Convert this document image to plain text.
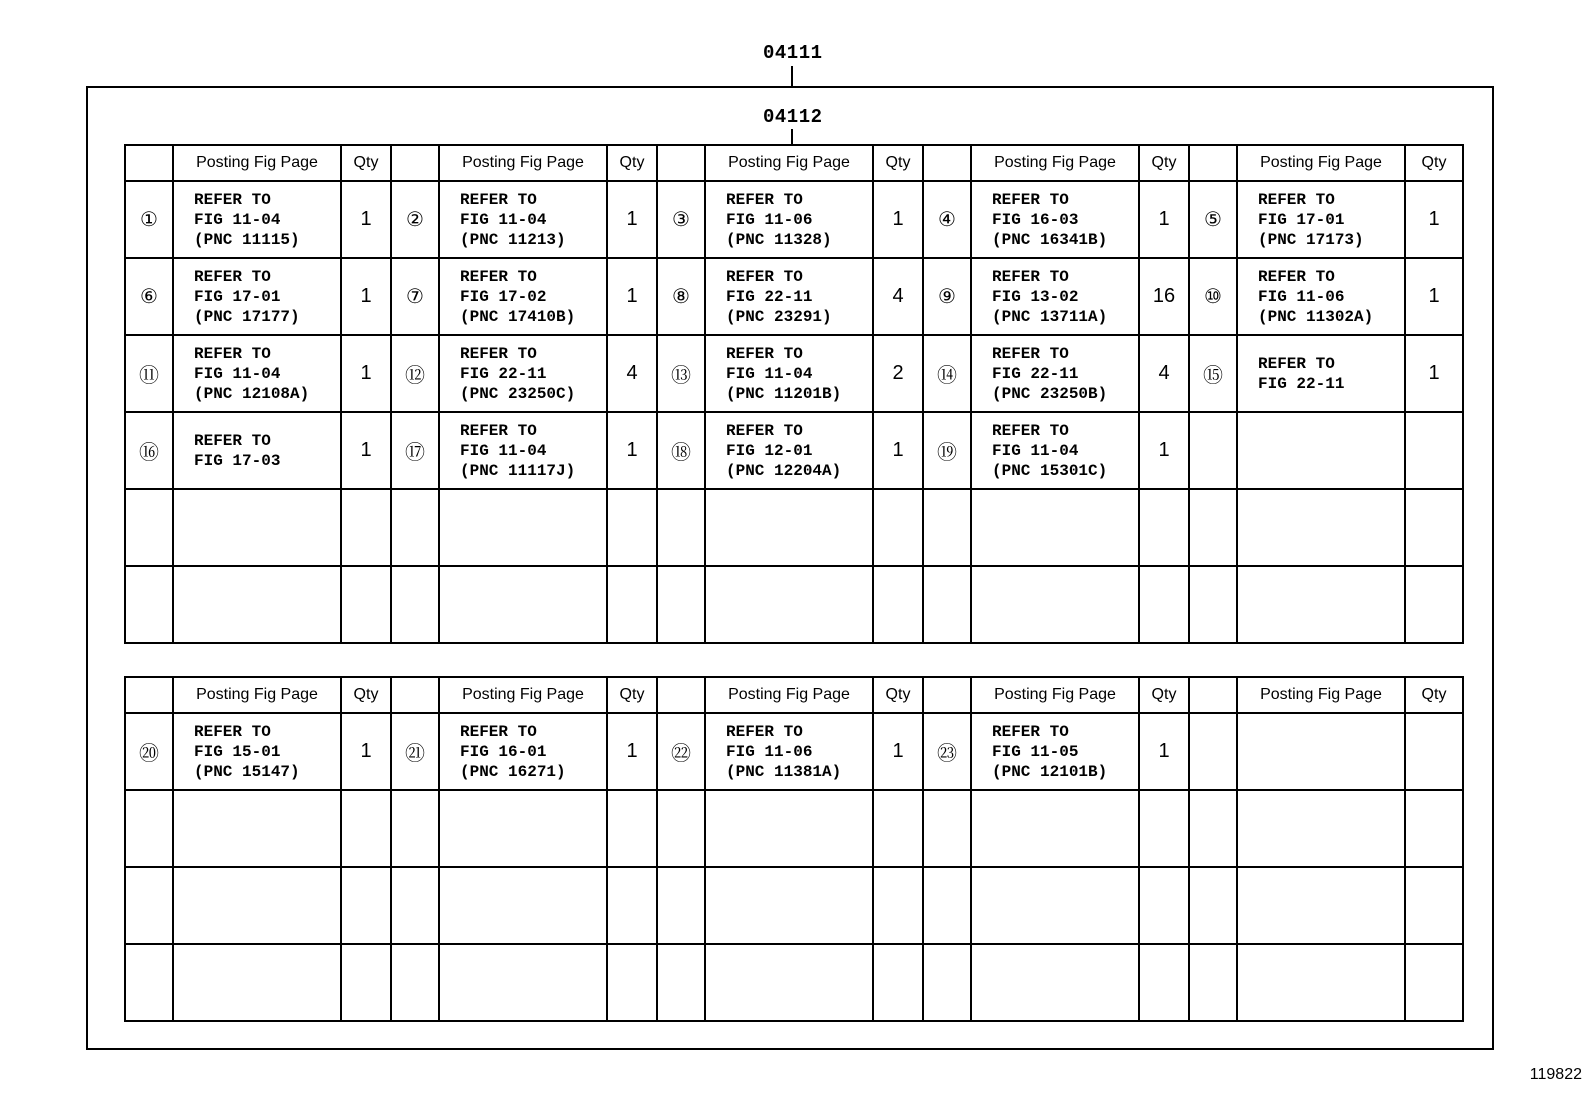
04111
04112
	Posting Fig Page	Qty		Posting Fig Page	Qty		Posting Fig Page	Qty		Posting Fig Page	Qty		Posting Fig Page	Qty
①	REFER TO
FIG 11-04
(PNC 11115)	1	②	REFER TO
FIG 11-04
(PNC 11213)	1	③	REFER TO
FIG 11-06
(PNC 11328)	1	④	REFER TO
FIG 16-03
(PNC 16341B)	1	⑤	REFER TO
FIG 17-01
(PNC 17173)	1
⑥	REFER TO
FIG 17-01
(PNC 17177)	1	⑦	REFER TO
FIG 17-02
(PNC 17410B)	1	⑧	REFER TO
FIG 22-11
(PNC 23291)	4	⑨	REFER TO
FIG 13-02
(PNC 13711A)	16	⑩	REFER TO
FIG 11-06
(PNC 11302A)	1
⑪	REFER TO
FIG 11-04
(PNC 12108A)	1	⑫	REFER TO
FIG 22-11
(PNC 23250C)	4	⑬	REFER TO
FIG 11-04
(PNC 11201B)	2	⑭	REFER TO
FIG 22-11
(PNC 23250B)	4	⑮	REFER TO
FIG 22-11	1
⑯	REFER TO
FIG 17-03	1	⑰	REFER TO
FIG 11-04
(PNC 11117J)	1	⑱	REFER TO
FIG 12-01
(PNC 12204A)	1	⑲	REFER TO
FIG 11-04
(PNC 15301C)	1			

	Posting Fig Page	Qty		Posting Fig Page	Qty		Posting Fig Page	Qty		Posting Fig Page	Qty		Posting Fig Page	Qty
⑳	REFER TO
FIG 15-01
(PNC 15147)	1	㉑	REFER TO
FIG 16-01
(PNC 16271)	1	㉒	REFER TO
FIG 11-06
(PNC 11381A)	1	㉓	REFER TO
FIG 11-05
(PNC 12101B)	1			

119822
